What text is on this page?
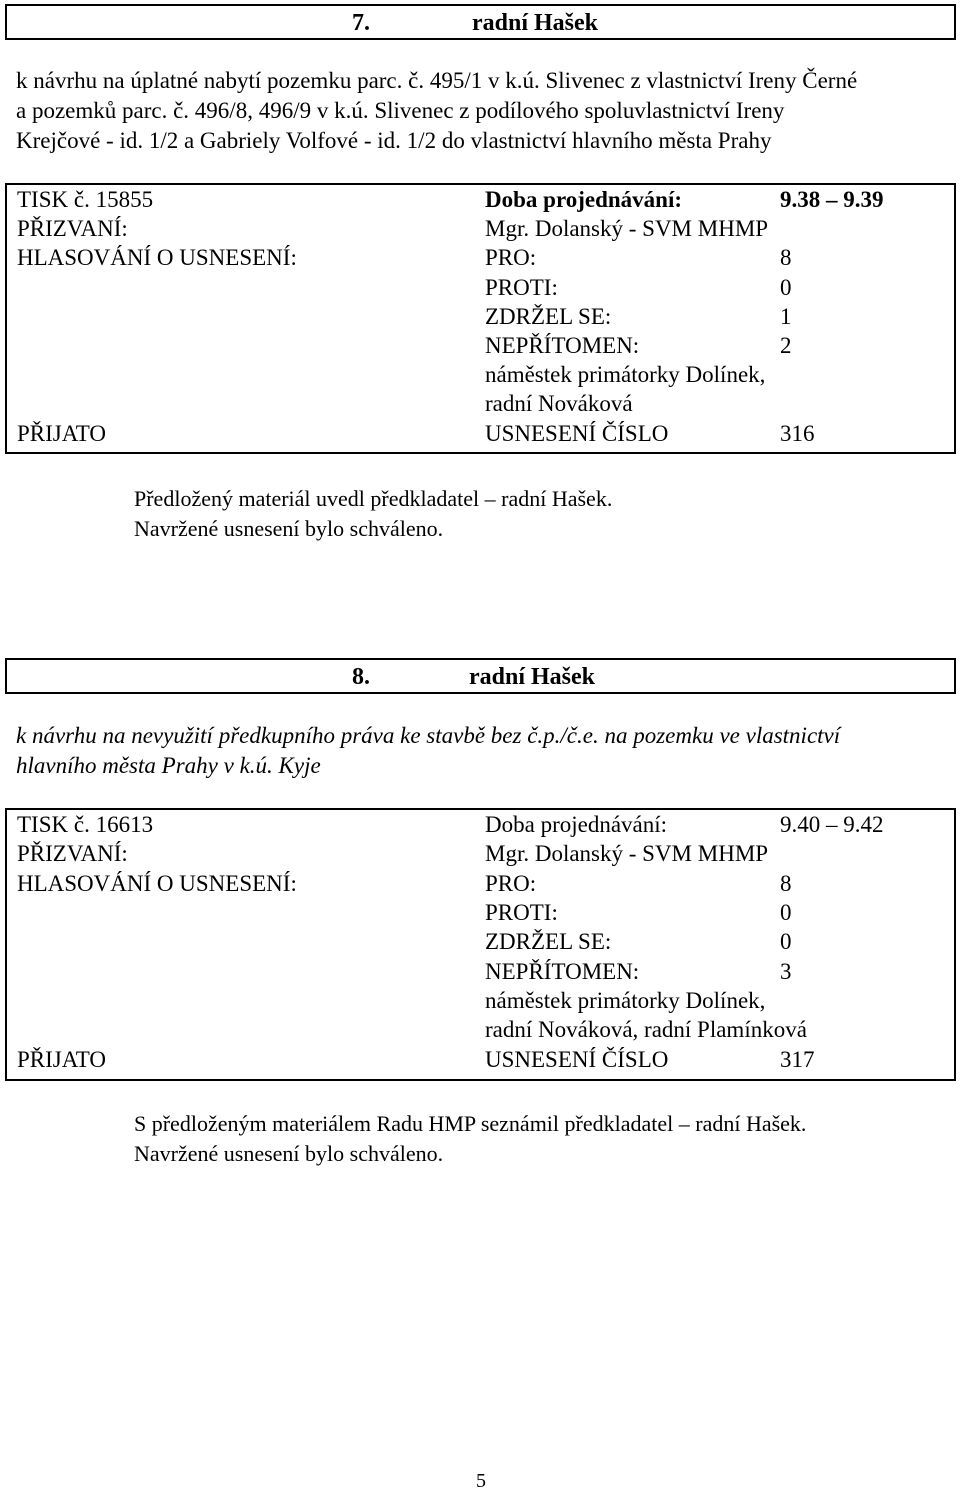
7.	radní Hašek
k návrhu na úplatné nabytí pozemku parc. č. 495/1 v k.ú. Slivenec z vlastnictví Ireny Černé
a pozemků parc. č. 496/8, 496/9 v k.ú. Slivenec z podílového spoluvlastnictví Ireny
Krejčové - id. 1/2 a Gabriely Volfové - id. 1/2 do vlastnictví hlavního města Prahy
TISK č. 15855	Doba projednávání:	9.38 – 9.39
PŘIZVANÍ:	Mgr. Dolanský - SVM MHMP
HLASOVÁNÍ O USNESENÍ:	PRO:	8
PROTI:	0
ZDRŽEL SE:	1
NEPŘÍTOMEN:	2
náměstek primátorky Dolínek,
radní Nováková
PŘIJATO	USNESENÍ ČÍSLO	316
Předložený materiál uvedl předkladatel – radní Hašek.
Navržené usnesení bylo schváleno.
8.	radní Hašek
k návrhu na nevyužití předkupního práva ke stavbě bez č.p./č.e. na pozemku ve vlastnictví
hlavního města Prahy v k.ú. Kyje
TISK č. 16613	Doba projednávání:	9.40 – 9.42
PŘIZVANÍ:	Mgr. Dolanský - SVM MHMP
HLASOVÁNÍ O USNESENÍ:	PRO:	8
PROTI:	0
ZDRŽEL SE:	0
NEPŘÍTOMEN:	3
náměstek primátorky Dolínek,
radní Nováková, radní Plamínková
PŘIJATO	USNESENÍ ČÍSLO	317
S předloženým materiálem Radu HMP seznámil předkladatel – radní Hašek.
Navržené usnesení bylo schváleno.
5
